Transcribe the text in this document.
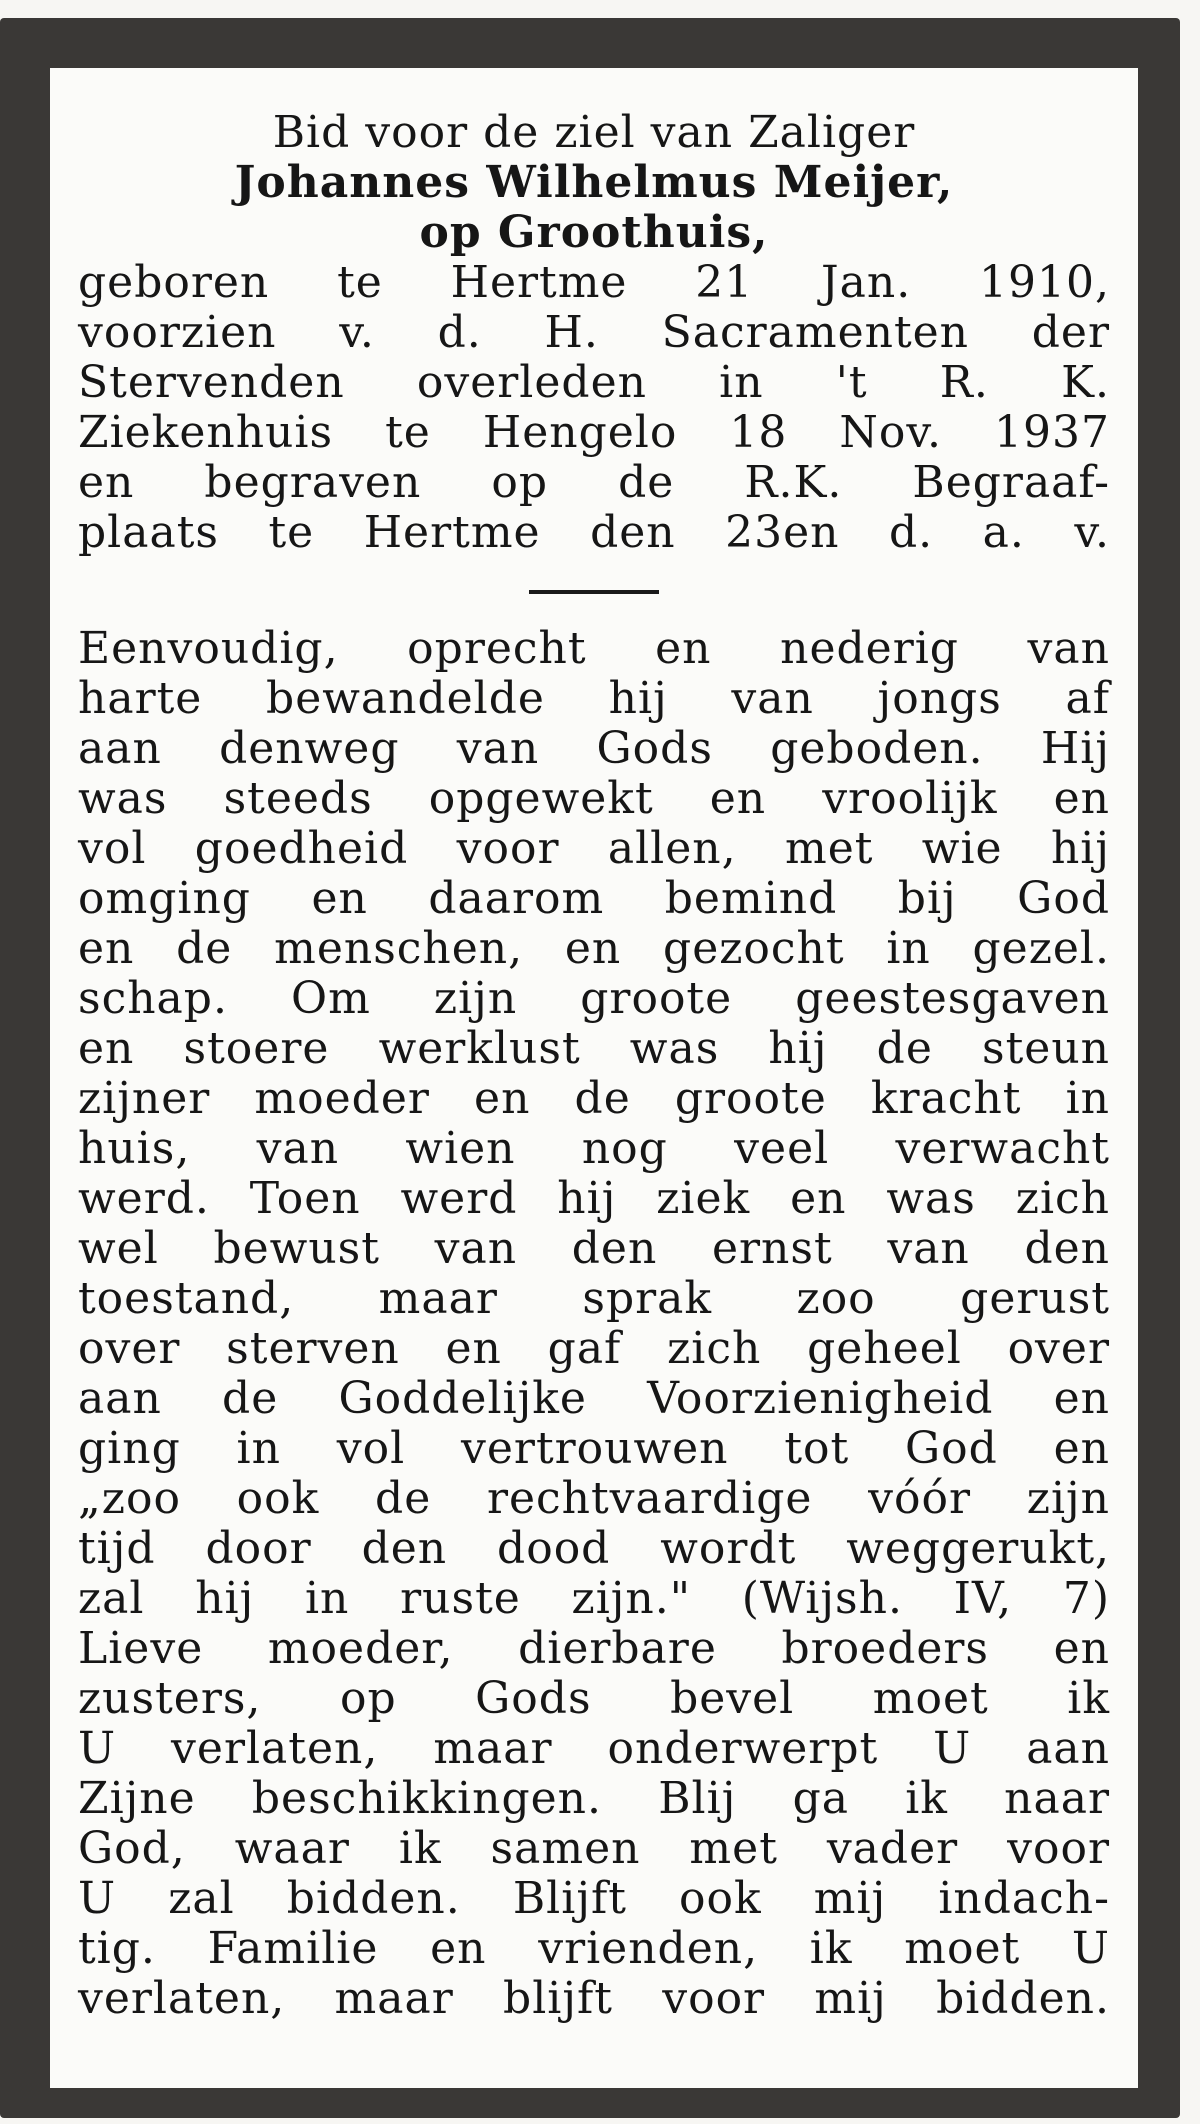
Bid voor de ziel van Zaliger
Johannes Wilhelmus Meijer,
op Groothuis,
geboren te Hertme 21 Jan. 1910,
voorzien v. d. H. Sacramenten der
Stervenden overleden in 't R. K.
Ziekenhuis te Hengelo 18 Nov. 1937
en begraven op de R.K. Begraaf-
plaats te Hertme den 23en d. a. v.
Eenvoudig, oprecht en nederig van
harte bewandelde hij van jongs af
aan denweg van Gods geboden. Hij
was steeds opgewekt en vroolijk en
vol goedheid voor allen, met wie hij
omging en daarom bemind bij God
en de menschen, en gezocht in gezel.
schap. Om zijn groote geestesgaven
en stoere werklust was hij de steun
zijner moeder en de groote kracht in
huis, van wien nog veel verwacht
werd. Toen werd hij ziek en was zich
wel bewust van den ernst van den
toestand, maar sprak zoo gerust
over sterven en gaf zich geheel over
aan de Goddelijke Voorzienigheid en
ging in vol vertrouwen tot God en
„zoo ook de rechtvaardige vóór zijn
tijd door den dood wordt weggerukt,
zal hij in ruste zijn." (Wijsh. IV, 7)
Lieve moeder, dierbare broeders en
zusters, op Gods bevel moet ik
U verlaten, maar onderwerpt U aan
Zijne beschikkingen. Blij ga ik naar
God, waar ik samen met vader voor
U zal bidden. Blijft ook mij indach-
tig. Familie en vrienden, ik moet U
verlaten, maar blijft voor mij bidden.
